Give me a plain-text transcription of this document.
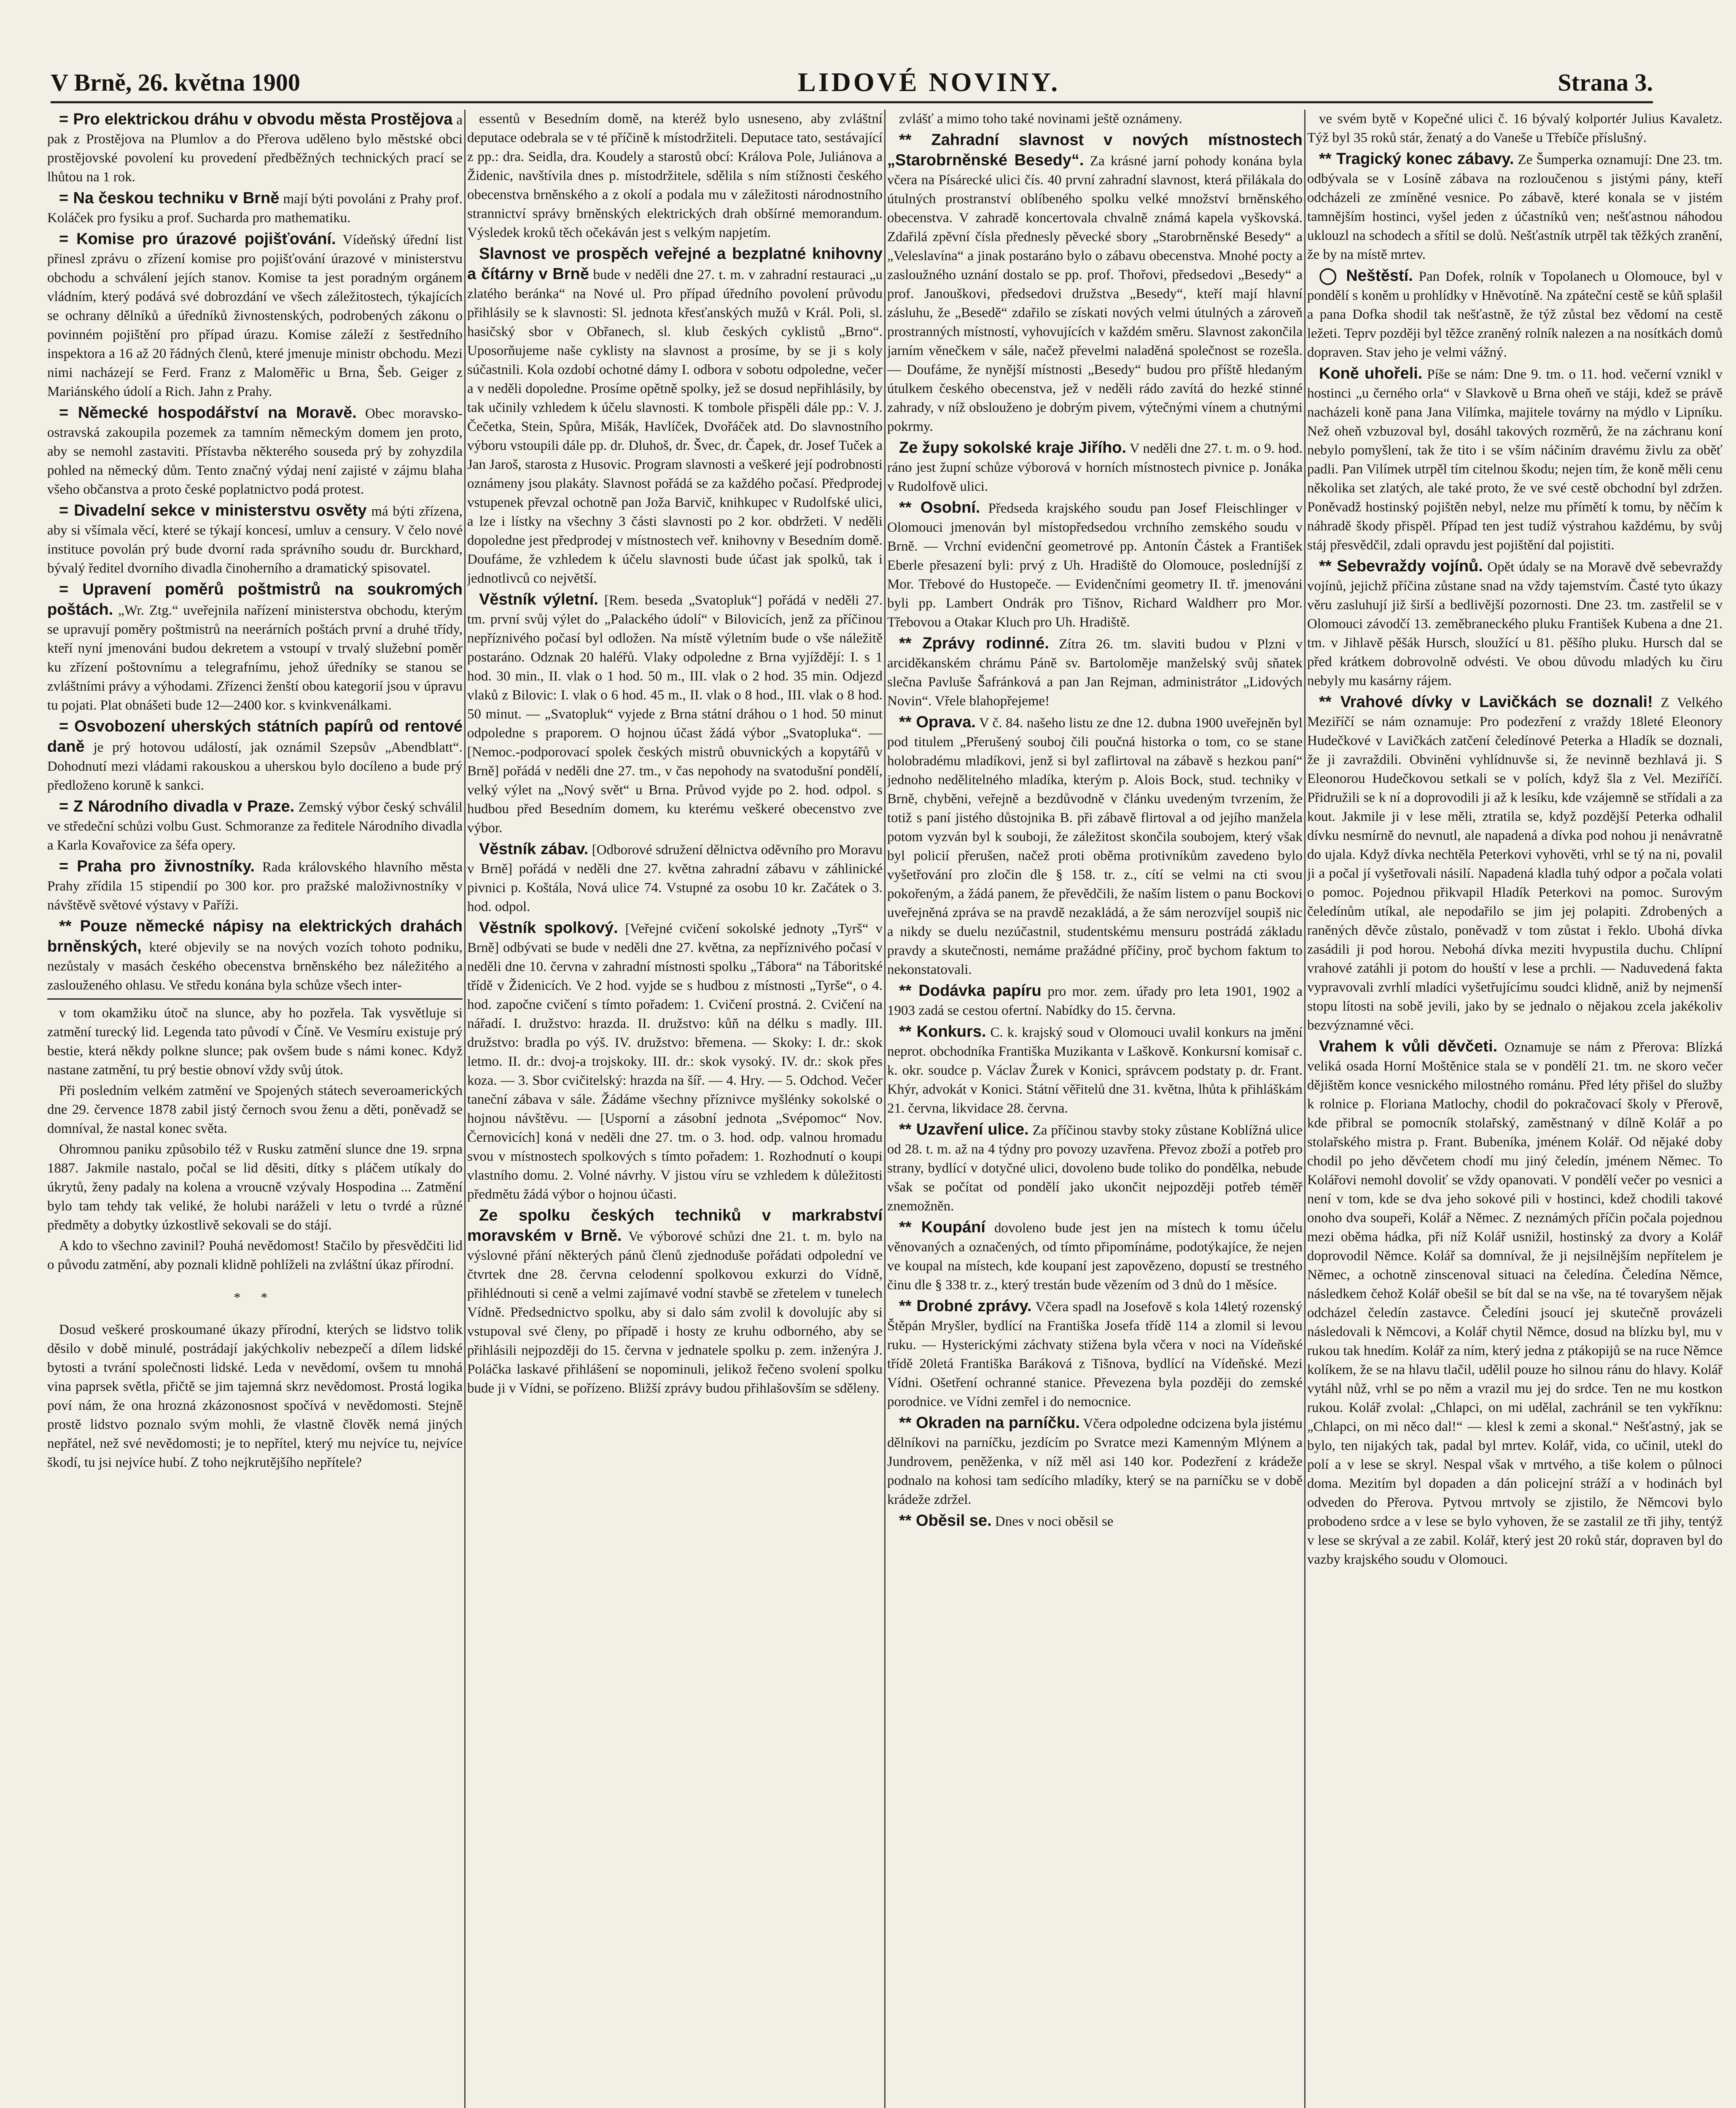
V Brně, 26. května 1900	LIDOVÉ NOVINY.	Strana 3.

= Pro elektrickou dráhu v obvodu města Prostějova a pak z Prostějova na Plumlov a do Přerova uděleno bylo městské obci prostějovské povolení ku provedení předběžných technických prací se lhůtou na 1 rok.

= Na českou techniku v Brně mají býti povoláni z Prahy prof. Koláček pro fysiku a prof. Sucharda pro mathematiku.

= Komise pro úrazové pojišťování. Vídeňský úřední list přinesl zprávu o zřízení komise pro pojišťování úrazové v ministerstvu obchodu a schválení jejích stanov. Komise ta jest poradným orgánem vládním, který podává své dobrozdání ve všech záležitostech, týkajících se ochrany dělníků a úředníků živnostenských, podrobených zákonu o povinném pojištění pro případ úrazu. Komise záleží z šestředního inspektora a 16 až 20 řádných členů, které jmenuje ministr obchodu. Mezi nimi nacházejí se Ferd. Franz z Maloměřic u Brna, Šeb. Geiger z Mariánského údolí a Rich. Jahn z Prahy.

= Německé hospodářství na Moravě. Obec moravsko-ostravská zakoupila pozemek za tamním německým domem jen proto, aby se nemohl zastaviti. Přístavba některého souseda prý by zohyzdila pohled na německý dům. Tento značný výdaj není zajisté v zájmu blaha všeho občanstva a proto české poplatnictvo podá protest.

= Divadelní sekce v ministerstvu osvěty má býti zřízena, aby si všímala věcí, které se týkají koncesí, umluv a censury. V čelo nové instituce povolán prý bude dvorní rada správního soudu dr. Burckhard, bývalý ředitel dvorního divadla činoherního a dramatický spisovatel.

= Upravení poměrů poštmistrů na soukromých poštách. „Wr. Ztg.“ uveřejnila nařízení ministerstva obchodu, kterým se upravují poměry poštmistrů na neerárních poštách první a druhé třídy, kteří nyní jmenováni budou dekretem a vstoupí v trvalý služební poměr ku zřízení poštovnímu a telegrafnímu, jehož úředníky se stanou se zvláštními právy a výhodami. Zřízenci ženští obou kategorií jsou v úpravu tu pojati. Plat obnášeti bude 12—2400 kor. s kvinkvenálkami.

= Osvobození uherských státních papírů od rentové daně je prý hotovou událostí, jak oznámil Szepsův „Abendblatt“. Dohodnutí mezi vládami rakouskou a uherskou bylo docíleno a bude prý předloženo koruně k sankci.

= Z Národního divadla v Praze. Zemský výbor český schválil ve středeční schůzi volbu Gust. Schmoranze za ředitele Národního divadla a Karla Kovařovice za šéfa opery.

= Praha pro živnostníky. Rada královského hlavního města Prahy zřídila 15 stipendií po 300 kor. pro pražské maloživnostníky v návštěvě světové výstavy v Paříži.

** Pouze německé nápisy na elektrických drahách brněnských, které objevily se na nových vozích tohoto podniku, nezůstaly v masách českého obecenstva brněnského bez náležitého a zaslouženého ohlasu. Ve středu konána byla schůze všech inter-

v tom okamžiku útoč na slunce, aby ho pozřela. Tak vysvětluje si zatmění turecký lid. Legenda tato původí v Číně. Ve Vesmíru existuje prý bestie, která někdy polkne slunce; pak ovšem bude s námi konec. Když nastane zatmění, tu prý bestie obnoví vždy svůj útok.

Při posledním velkém zatmění ve Spojených státech severoamerických dne 29. července 1878 zabil jistý černoch svou ženu a děti, poněvadž se domníval, že nastal konec světa.

Ohromnou paniku způsobilo též v Rusku zatmění slunce dne 19. srpna 1887. Jakmile nastalo, počal se lid děsiti, dítky s pláčem utíkaly do úkrytů, ženy padaly na kolena a vroucně vzývaly Hospodina ... Zatmění bylo tam tehdy tak veliké, že holubi naráželi v letu o tvrdé a různé předměty a dobytky úzkostlivě sekovali se do stájí.

A kdo to všechno zavinil? Pouhá nevědomost! Stačilo by přesvědčiti lid o původu zatmění, aby poznali klidně pohlíželi na zvláštní úkaz přírodní.

* *

Dosud veškeré proskoumané úkazy přírodní, kterých se lidstvo tolik děsilo v době minulé, postrádají jakýchkoliv nebezpečí a dílem lidské bytosti a tvrání společnosti lidské. Leda v nevědomí, ovšem tu mnohá vina paprsek světla, přičtě se jim tajemná skrz nevědomost. Prostá logika poví nám, že ona hrozná zkázonosnost spočívá v nevědomosti. Stejně prostě lidstvo poznalo svým mohli, že vlastně člověk nemá jiných nepřátel, než své nevědomosti; je to nepřítel, který mu nejvíce tu, nejvíce škodí, tu jsi nejvíce hubí. Z toho nejkrutějšího nepřítele?

essentů v Besedním domě, na kteréž bylo usneseno, aby zvláštní deputace odebrala se v té příčině k místodržiteli. Deputace tato, sestávající z pp.: dra. Seidla, dra. Koudely a starostů obcí: Králova Pole, Juliánova a Židenic, navštívila dnes p. místodržitele, sdělila s ním stížnosti českého obecenstva brněnského a z okolí a podala mu v záležitosti národnostního strannictví správy brněnských elektrických drah obšírné memorandum. Výsledek kroků těch očekáván jest s velkým napjetím.

Slavnost ve prospěch veřejné a bezplatné knihovny a čítárny v Brně bude v neděli dne 27. t. m. v zahradní restauraci „u zlatého beránka“ na Nové ul. Pro případ úředního povolení průvodu přihlásily se k slavnosti: Sl. jednota křesťanských mužů v Král. Poli, sl. hasičský sbor v Obřanech, sl. klub českých cyklistů „Brno“. Uposorňujeme naše cyklisty na slavnost a prosíme, by se ji s koly súčastnili. Kola ozdobí ochotné dámy I. odbora v sobotu odpoledne, večer a v neděli dopoledne. Prosíme opětně spolky, jež se dosud nepřihlásily, by tak učinily vzhledem k účelu slavnosti. K tombole přispěli dále pp.: V. J. Čečetka, Stein, Spůra, Mišák, Havlíček, Dvořáček atd. Do slavnostního výboru vstoupili dále pp. dr. Dluhoš, dr. Švec, dr. Čapek, dr. Josef Tuček a Jan Jaroš, starosta z Husovic. Program slavnosti a veškeré její podrobnosti oznámeny jsou plakáty. Slavnost pořádá se za každého počasí. Předprodej vstupenek převzal ochotně pan Joža Barvič, knihkupec v Rudolfské ulici, a lze i lístky na všechny 3 části slavnosti po 2 kor. obdržeti. V neděli dopoledne jest předprodej v místnostech veř. knihovny v Besedním domě. Doufáme, že vzhledem k účelu slavnosti bude účast jak spolků, tak i jednotlivců co největší.

Věstník výletní. [Rem. beseda „Svatopluk“] pořádá v neděli 27. tm. první svůj výlet do „Palackého údolí“ v Bilovicích, jenž za příčinou nepříznivého počasí byl odložen. Na místě výletním bude o vše náležitě postaráno. Odznak 20 haléřů. Vlaky odpoledne z Brna vyjíždějí: I. s 1 hod. 30 min., II. vlak o 1 hod. 50 m., III. vlak o 2 hod. 35 min. Odjezd vlaků z Bilovic: I. vlak o 6 hod. 45 m., II. vlak o 8 hod., III. vlak o 8 hod. 50 minut. — „Svatopluk“ vyjede z Brna státní dráhou o 1 hod. 50 minut odpoledne s praporem. O hojnou účast žádá výbor „Svatopluka“. — [Nemoc.-podporovací spolek českých mistrů obuvnických a kopytářů v Brně] pořádá v neděli dne 27. tm., v čas nepohody na svatodušní pondělí, velký výlet na „Nový svět“ u Brna. Průvod vyjde po 2. hod. odpol. s hudbou před Besedním domem, ku kterému veškeré obecenstvo zve výbor.

Věstník zábav. [Odborové sdružení dělnictva oděvního pro Moravu v Brně] pořádá v neděli dne 27. května zahradní zábavu v záhlinické pivnici p. Koštála, Nová ulice 74. Vstupné za osobu 10 kr. Začátek o 3. hod. odpol.

Věstník spolkový. [Veřejné cvičení sokolské jednoty „Tyrš“ v Brně] odbývati se bude v neděli dne 27. května, za nepříznivého počasí v neděli dne 10. června v zahradní místnosti spolku „Tábora“ na Táboritské třídě v Židenicích. Ve 2 hod. vyjde se s hudbou z místnosti „Tyrše“, o 4. hod. započne cvičení s tímto pořadem: 1. Cvičení prostná. 2. Cvičení na nářadí. I. družstvo: hrazda. II. družstvo: kůň na délku s madly. III. družstvo: bradla po výš. IV. družstvo: břemena. — Skoky: I. dr.: skok letmo. II. dr.: dvoj-a trojskoky. III. dr.: skok vysoký. IV. dr.: skok přes koza. — 3. Sbor cvičitelský: hrazda na šíř. — 4. Hry. — 5. Odchod. Večer taneční zábava v sále. Žádáme všechny příznivce myšlénky sokolské o hojnou návštěvu. — [Usporní a zásobní jednota „Svépomoc“ Nov. Černovicích] koná v neděli dne 27. tm. o 3. hod. odp. valnou hromadu svou v místnostech spolkových s tímto pořadem: 1. Rozhodnutí o koupi vlastního domu. 2. Volné návrhy. V jistou víru se vzhledem k důležitosti předmětu žádá výbor o hojnou účasti.

Ze spolku českých techniků v markrabství moravském v Brně. Ve výborové schůzi dne 21. t. m. bylo na výslovné přání některých pánů členů zjednoduše pořádati odpolední ve čtvrtek dne 28. června celodenní spolkovou exkurzi do Vídně, přihlédnouti si ceně a velmi zajímavé vodní stavbě se zřetelem v tunelech Vídně. Předsednictvo spolku, aby si dalo sám zvolil k dovolujíc aby si vstupoval své členy, po případě i hosty ze kruhu odborného, aby se přihlásili nejpozději do 15. června v jednatele spolku p. zem. inženýra J. Poláčka laskavé přihlášení se nopominuli, jelikož řečeno svolení spolku bude ji v Vídni, se pořízeno. Bližší zprávy budou přihlašovším se sděleny.

zvlášť a mimo toho také novinami ještě oznámeny.

** Zahradní slavnost v nových místnostech „Starobrněnské Besedy“. Za krásné jarní pohody konána byla včera na Písárecké ulici čís. 40 první zahradní slavnost, která přilákala do útulných prostranství oblíbeného spolku velké množství brněnského obecenstva. V zahradě koncertovala chvalně známá kapela vyškovská. Zdařilá zpěvní čísla přednesly pěvecké sbory „Starobrněnské Besedy“ a „Veleslavína“ a jinak postaráno bylo o zábavu obecenstva. Mnohé pocty a zasloužného uznání dostalo se pp. prof. Thořovi, předsedovi „Besedy“ a prof. Janouškovi, předsedovi družstva „Besedy“, kteří mají hlavní zásluhu, že „Besedě“ zdařilo se získati nových velmi útulných a zároveň prostranných místností, vyhovujících v každém směru. Slavnost zakončila jarním věnečkem v sále, načež převelmi naladěná společnost se rozešla. — Doufáme, že nynější místnosti „Besedy“ budou pro příště hledaným útulkem českého obecenstva, jež v neděli rádo zavítá do hezké stinné zahrady, v níž obslouženo je dobrým pivem, výtečnými vínem a chutnými pokrmy.

Ze župy sokolské kraje Jiřího. V neděli dne 27. t. m. o 9. hod. ráno jest župní schůze výborová v horních místnostech pivnice p. Jonáka v Rudolfově ulici.

** Osobní. Předseda krajského soudu pan Josef Fleischlinger v Olomouci jmenován byl místopředsedou vrchního zemského soudu v Brně. — Vrchní evidenční geometrové pp. Antonín Částek a František Eberle přesazení byli: prvý z Uh. Hradiště do Olomouce, posledníjší z Mor. Třebové do Hustopeče. — Evidenčními geometry II. tř. jmenováni byli pp. Lambert Ondrák pro Tišnov, Richard Waldherr pro Mor. Třebovou a Otakar Kluch pro Uh. Hradiště.

** Zprávy rodinné. Zítra 26. tm. slaviti budou v Plzni v arciděkanském chrámu Páně sv. Bartoloměje manželský svůj sňatek slečna Pavluše Šafránková a pan Jan Rejman, administrátor „Lidových Novin“. Vřele blahopřejeme!

** Oprava. V č. 84. našeho listu ze dne 12. dubna 1900 uveřejněn byl pod titulem „Přerušený souboj čili poučná historka o tom, co se stane holobradému mladíkovi, jenž si byl zaflirtoval na zábavě s hezkou paní“ jednoho nedělitelného mladíka, kterým p. Alois Bock, stud. techniky v Brně, chyběni, veřejně a bezdůvodně v článku uvedeným tvrzením, že totiž s paní jistého důstojnika B. při zábavě flirtoval a od jejího manžela potom vyzván byl k souboji, že záležitost skončila soubojem, který však byl policií přerušen, načež proti oběma protivníkům zavedeno bylo vyšetřování pro zločin dle § 158. tr. z., cítí se velmi na cti svou pokořeným, a žádá panem, že převědčili, že naším listem o panu Bockovi uveřejněná zpráva se na pravdě nezakládá, a že sám nerozvíjel soupiš nic a nikdy se duelu nezúčastnil, studentskému mensuru postrádá základu pravdy a skutečnosti, nemáme pražádné příčiny, proč bychom faktum to nekonstatovali.

** Dodávka papíru pro mor. zem. úřady pro leta 1901, 1902 a 1903 zadá se cestou ofertní. Nabídky do 15. června.

** Konkurs. C. k. krajský soud v Olomouci uvalil konkurs na jmění neprot. obchodníka Františka Muzikanta v Laškově. Konkursní komisař c. k. okr. soudce p. Václav Žurek v Konici, správcem podstaty p. dr. Frant. Khýr, advokát v Konici. Státní věřitelů dne 31. května, lhůta k přihláškám 21. června, likvidace 28. června.

** Uzavření ulice. Za příčinou stavby stoky zůstane Koblížná ulice od 28. t. m. až na 4 týdny pro povozy uzavřena. Převoz zboží a potřeb pro strany, bydlící v dotyčné ulici, dovoleno bude toliko do pondělka, nebude však se počítat od pondělí jako ukončit nejpozději potřeb téměř znemožněn.

** Koupání dovoleno bude jest jen na místech k tomu účelu věnovaných a označených, od tímto připomínáme, podotýkajíce, že nejen ve koupal na místech, kde koupaní jest zapovězeno, dopustí se trestného činu dle § 338 tr. z., který trestán bude vězením od 3 dnů do 1 měsíce.

** Drobné zprávy. Včera spadl na Josefově s kola 14letý rozenský Štěpán Mryšler, bydlící na Františka Josefa třídě 114 a zlomil si levou ruku. — Hysterickými záchvaty stižena byla včera v noci na Vídeňské třídě 20letá Františka Baráková z Tišnova, bydlící na Vídeňské. Mezi Vídni. Ošetření ochranné stanice. Převezena byla později do zemské porodnice. ve Vídni zemřel i do nemocnice.

** Okraden na parníčku. Včera odpoledne odcizena byla jistému dělníkovi na parníčku, jezdícím po Svratce mezi Kamenným Mlýnem a Jundrovem, peněženka, v níž měl asi 140 kor. Podezření z krádeže podnalo na kohosi tam sedícího mladíky, který se na parníčku se v době krádeže zdržel.

** Oběsil se. Dnes v noci oběsil se

ve svém bytě v Kopečné ulici č. 16 bývalý kolportér Julius Kavaletz. Týž byl 35 roků stár, ženatý a do Vaneše u Třebíče příslušný.

** Tragický konec zábavy. Ze Šumperka oznamují: Dne 23. tm. odbývala se v Losíně zábava na rozloučenou s jistými pány, kteří odcházeli ze zmíněné vesnice. Po zábavě, které konala se v jistém tamnějším hostinci, vyšel jeden z účastníků ven; nešťastnou náhodou uklouzl na schodech a sřítil se dolů. Nešťastník utrpěl tak těžkých zranění, že by na místě mrtev.

◯ Neštěstí. Pan Dofek, rolník v Topolanech u Olomouce, byl v pondělí s koněm u prohlídky v Hněvotíně. Na zpáteční cestě se kůň splašil a pana Dofka shodil tak nešťastně, že týž zůstal bez vědomí na cestě ležeti. Teprv později byl těžce zraněný rolník nalezen a na nosítkách domů dopraven. Stav jeho je velmi vážný.

Koně uhořeli. Píše se nám: Dne 9. tm. o 11. hod. večerní vznikl v hostinci „u černého orla“ v Slavkově u Brna oheň ve stáji, kdež se právě nacházeli koně pana Jana Vilímka, majitele továrny na mýdlo v Lipníku. Než oheň vzbuzoval byl, dosáhl takových rozměrů, že na záchranu koní nebylo pomyšlení, tak že tito i se vším náčiním dravému živlu za oběť padli. Pan Vilímek utrpěl tím citelnou škodu; nejen tím, že koně měli cenu několika set zlatých, ale také proto, že ve své cestě obchodní byl zdržen. Poněvadž hostinský pojištěn nebyl, nelze mu přímětí k tomu, by něčím k náhradě škody přispěl. Případ ten jest tudíž výstrahou každému, by svůj stáj přesvědčil, zdali opravdu jest pojištění dal pojistiti.

** Sebevraždy vojínů. Opět údaly se na Moravě dvě sebevraždy vojínů, jejichž příčina zůstane snad na vždy tajemstvím. Časté tyto úkazy věru zasluhují již širší a bedlivější pozornosti. Dne 23. tm. zastřelil se v Olomouci závodčí 13. zeměbraneckého pluku František Kubena a dne 21. tm. v Jihlavě pěšák Hursch, sloužící u 81. pěšího pluku. Hursch dal se před krátkem dobrovolně odvésti. Ve obou důvodu mladých ku čiru nebyly mu kasárny rájem.

** Vrahové dívky v Lavičkách se doznali! Z Velkého Meziříčí se nám oznamuje: Pro podezření z vraždy 18leté Eleonory Hudečkové v Lavičkách zatčení čeledínové Peterka a Hladík se doznali, že ji zavraždili. Obviněni vyhlídnuvše si, že nevinně bezhlavá ji. S Eleonorou Hudečkovou setkali se v polích, když šla z Vel. Meziříčí. Přidružili se k ní a doprovodili ji až k lesíku, kde vzájemně se střídali a za kout. Jakmile ji v lese měli, ztratila se, když pozdější Peterka odhalil dívku nesmírně do nevnutl, ale napadená a dívka pod nohou ji nenávratně do ujala. Když dívka nechtěla Peterkovi vyhověti, vrhl se tý na ni, povalil ji a počal jí vyšetřovali násilí. Napadená kladla tuhý odpor a počala volati o pomoc. Pojednou přikvapil Hladík Peterkovi na pomoc. Surovým čeledínům utíkal, ale nepodařilo se jim jej polapiti. Zdrobených a raněných děvče zůstalo, poněvadž v tom zůstat i řeklo. Ubohá dívka zasádili ji pod horou. Nebohá dívka meziti hvypustila duchu. Chlípní vrahové zatáhli ji potom do houští v lese a prchli. — Naduvedená fakta vypravovali zvrhlí mladíci vyšetřujícímu soudci klidně, aniž by nejmenší stopu lítosti na sobě jevili, jako by se jednalo o nějakou zcela jakékoliv bezvýznamné věci.

Vrahem k vůli děvčeti. Oznamuje se nám z Přerova: Blízká veliká osada Horní Moštěnice stala se v pondělí 21. tm. ne skoro večer dějištěm konce vesnického milostného románu. Před léty přišel do služby k rolnice p. Floriana Matlochy, chodil do pokračovací školy v Přerově, kde přibral se pomocník stolařský, zaměstnaný v dílně Kolář a po stolařského mistra p. Frant. Bubeníka, jménem Kolář. Od nějaké doby chodil po jeho děvčetem chodí mu jiný čeledín, jménem Němec. To Kolářovi nemohl dovoliť se vždy opanovati. V pondělí večer po vesnici a není v tom, kde se dva jeho sokové pili v hostinci, kdež chodili takové onoho dva soupeři, Kolář a Němec. Z neznámých příčin počala pojednou mezi oběma hádka, při níž Kolář usnižil, hostinský za dvory a Kolář doprovodil Němce. Kolář sa domníval, že ji nejsilnějším nepřítelem je Němec, a ochotně zinscenoval situaci na čeledína. Čeledína Němce, následkem čehož Kolář obešil se bít dal se na vše, na té tovaryšem nějak odcházel čeledín zastavce. Čeledíni jsoucí jej skutečně provázeli následovali k Němcovi, a Kolář chytil Němce, dosud na blízku byl, mu v rukou tak hnedím. Kolář za ním, který jedna z ptákopijů se na ruce Němce kolíkem, že se na hlavu tlačil, udělil pouze ho silnou ránu do hlavy. Kolář vytáhl nůž, vrhl se po něm a vrazil mu jej do srdce. Ten ne mu kostkon rukou. Kolář zvolal: „Chlapci, on mi udělal, zachránil se ten vykříknu: „Chlapci, on mi něco dal!“ — klesl k zemi a skonal.“ Nešťastný, jak se bylo, ten nijakých tak, padal byl mrtev. Kolář, vida, co učinil, utekl do polí a v lese se skryl. Nespal však v mrtvého, a tiše kolem o půlnoci doma. Mezitím byl dopaden a dán policejní stráží a v hodinách byl odveden do Přerova. Pytvou mrtvoly se zjistilo, že Němcovi bylo probodeno srdce a v lese se bylo vyhoven, že se zastalil ze tři jihy, tentýž v lese se skrýval a ze zabil. Kolář, který jest 20 roků stár, dopraven byl do vazby krajského soudu v Olomouci.
